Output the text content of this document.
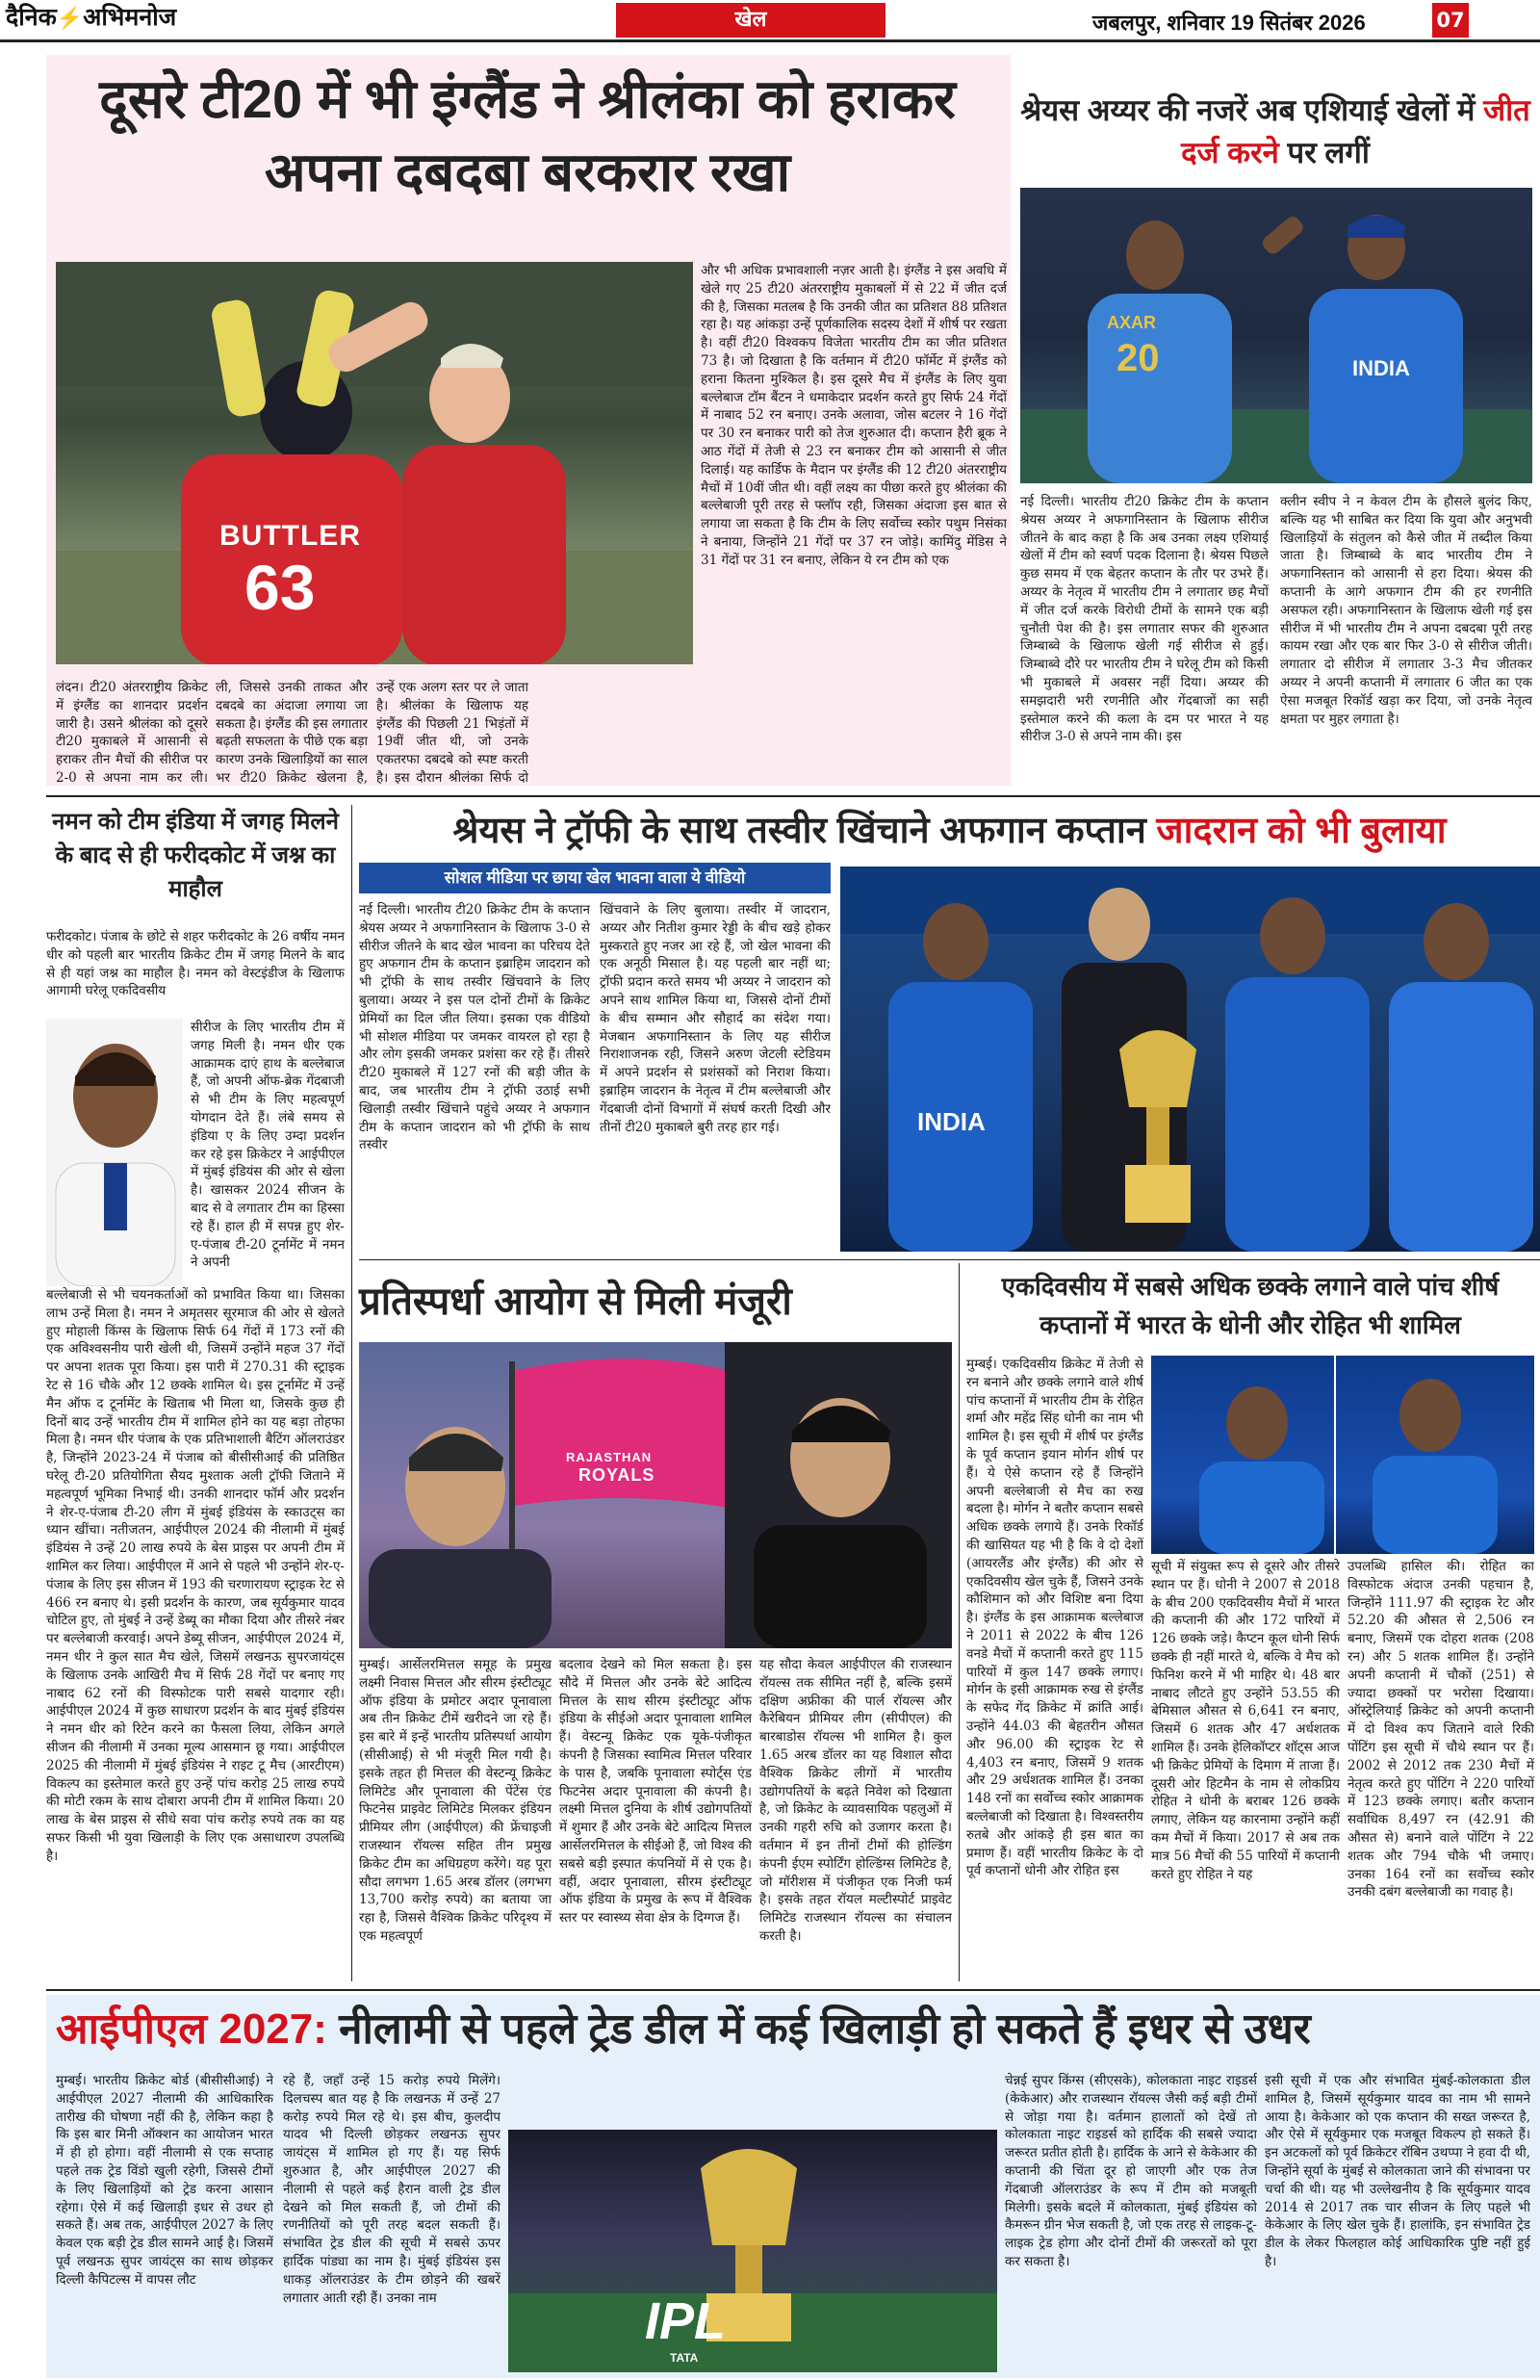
दैनिक⚡अभिमनोज	खेल	जबलपुर, शनिवार 19 सितंबर 2026	07
दूसरे टी20 में भी इंग्लैंड ने श्रीलंका को हराकर अपना दबदबा बरकरार रखा
BUTTLER
63
लंदन। टी20 अंतरराष्ट्रीय क्रिकेट में इंग्लैंड का शानदार प्रदर्शन जारी है। उसने श्रीलंका को दूसरे टी20 मुकाबले में आसानी से हराकर तीन मैचों की सीरीज पर 2-0 से अपना नाम कर ली।
ली, जिससे उनकी ताकत और दबदबे का अंदाजा लगाया जा सकता है। इंग्लैंड की इस लगातार बढ़ती सफलता के पीछे एक बड़ा कारण उनके खिलाड़ियों का साल भर टी20 क्रिकेट खेलना है,
उन्हें एक अलग स्तर पर ले जाता है। श्रीलंका के खिलाफ यह इंग्लैंड की पिछली 21 भिड़ंतों में 19वीं जीत थी, जो उनके एकतरफा दबदबे को स्पष्ट करती है। इस दौरान श्रीलंका सिर्फ दो
और भी अधिक प्रभावशाली नज़र आती है। इंग्लैंड ने इस अवधि में खेले गए 25 टी20 अंतरराष्ट्रीय मुकाबलों में से 22 में जीत दर्ज की है, जिसका मतलब है कि उनकी जीत का प्रतिशत 88 प्रतिशत रहा है। यह आंकड़ा उन्हें पूर्णकालिक सदस्य देशों में शीर्ष पर रखता है। वहीं टी20 विश्वकप विजेता भारतीय टीम का जीत प्रतिशत 73 है। जो दिखाता है कि वर्तमान में टी20 फॉर्मेट में इंग्लैंड को हराना कितना मुश्किल है। इस दूसरे मैच में इंग्लैंड के लिए युवा बल्लेबाज टॉम बैंटन ने धमाकेदार प्रदर्शन करते हुए सिर्फ 24 गेंदों में नाबाद 52 रन बनाए। उनके अलावा, जोस बटलर ने 16 गेंदों पर 30 रन बनाकर पारी को तेज शुरुआत दी। कप्तान हैरी ब्रूक ने आठ गेंदों में तेजी से 23 रन बनाकर टीम को आसानी से जीत दिलाई। यह कार्डिफ के मैदान पर इंग्लैंड की 12 टी20 अंतरराष्ट्रीय मैचों में 10वीं जीत थी। वहीं लक्ष्य का पीछा करते हुए श्रीलंका की बल्लेबाजी पूरी तरह से फ्लॉप रही, जिसका अंदाजा इस बात से लगाया जा सकता है कि टीम के लिए सर्वोच्च स्कोर पथुम निसंका ने बनाया, जिन्होंने 21 गेंदों पर 37 रन जोड़े। कामिंदु मेंडिस ने 31 गेंदों पर 31 रन बनाए, लेकिन ये रन टीम को एक
श्रेयस अय्यर की नजरें अब एशियाई खेलों में जीत दर्ज करने पर लगीं
AXAR
20	INDIA
नई दिल्ली। भारतीय टी20 क्रिकेट टीम के कप्तान श्रेयस अय्यर ने अफगानिस्तान के खिलाफ सीरीज जीतने के बाद कहा है कि अब उनका लक्ष्य एशियाई खेलों में टीम को स्वर्ण पदक दिलाना है। श्रेयस पिछले कुछ समय में एक बेहतर कप्तान के तौर पर उभरे हैं। अय्यर के नेतृत्व में भारतीय टीम ने लगातार छह मैचों में जीत दर्ज करके विरोधी टीमों के सामने एक बड़ी चुनौती पेश की है। इस लगातार सफर की शुरुआत जिम्बाब्वे के खिलाफ खेली गई सीरीज से हुई। जिम्बाब्वे दौरे पर भारतीय टीम ने घरेलू टीम को किसी भी मुकाबले में अवसर नहीं दिया। अय्यर की समझदारी भरी रणनीति और गेंदबाजों का सही इस्तेमाल करने की कला के दम पर भारत ने यह सीरीज 3-0 से अपने नाम की। इस
क्लीन स्वीप ने न केवल टीम के हौसले बुलंद किए, बल्कि यह भी साबित कर दिया कि युवा और अनुभवी खिलाड़ियों के संतुलन को कैसे जीत में तब्दील किया जाता है। जिम्बाब्वे के बाद भारतीय टीम ने अफगानिस्तान को आसानी से हरा दिया। श्रेयस की कप्तानी के आगे अफगान टीम की हर रणनीति असफल रही। अफगानिस्तान के खिलाफ खेली गई इस सीरीज में भी भारतीय टीम ने अपना दबदबा पूरी तरह कायम रखा और एक बार फिर 3-0 से सीरीज जीती। लगातार दो सीरीज में लगातार 3-3 मैच जीतकर अय्यर ने अपनी कप्तानी में लगातार 6 जीत का एक ऐसा मजबूत रिकॉर्ड खड़ा कर दिया, जो उनके नेतृत्व क्षमता पर मुहर लगाता है।
नमन को टीम इंडिया में जगह मिलने के बाद से ही फरीदकोट में जश्न का माहौल
फरीदकोट। पंजाब के छोटे से शहर फरीदकोट के 26 वर्षीय नमन धीर को पहली बार भारतीय क्रिकेट टीम में जगह मिलने के बाद से ही यहां जश्न का माहौल है। नमन को वेस्टइंडीज के खिलाफ आगामी घरेलू एकदिवसीय
सीरीज के लिए भारतीय टीम में जगह मिली है। नमन धीर एक आक्रामक दाएं हाथ के बल्लेबाज हैं, जो अपनी ऑफ-ब्रेक गेंदबाजी से भी टीम के लिए महत्वपूर्ण योगदान देते हैं। लंबे समय से इंडिया ए के लिए उम्दा प्रदर्शन कर रहे इस क्रिकेटर ने आईपीएल में मुंबई इंडियंस की ओर से खेला है। खासकर 2024 सीजन के बाद से वे लगातार टीम का हिस्सा रहे हैं। हाल ही में सपन्न हुए शेर-ए-पंजाब टी-20 टूर्नामेंट में नमन ने अपनी
बल्लेबाजी से भी चयनकर्ताओं को प्रभावित किया था। जिसका लाभ उन्हें मिला है। नमन ने अमृतसर सूरमाज की ओर से खेलते हुए मोहाली किंग्स के खिलाफ सिर्फ 64 गेंदों में 173 रनों की एक अविश्वसनीय पारी खेली थी, जिसमें उन्होंने महज 37 गेंदों पर अपना शतक पूरा किया। इस पारी में 270.31 की स्ट्राइक रेट से 16 चौके और 12 छक्के शामिल थे। इस टूर्नामेंट में उन्हें मैन ऑफ द टूर्नामेंट के खिताब भी मिला था, जिसके कुछ ही दिनों बाद उन्हें भारतीय टीम में शामिल होने का यह बड़ा तोहफा मिला है। नमन धीर पंजाब के एक प्रतिभाशाली बैटिंग ऑलराउंडर है, जिन्होंने 2023-24 में पंजाब को बीसीसीआई की प्रतिष्ठित घरेलू टी-20 प्रतियोगिता सैयद मुश्ताक अली ट्रॉफी जिताने में महत्वपूर्ण भूमिका निभाई थी। उनकी शानदार फॉर्म और प्रदर्शन ने शेर-ए-पंजाब टी-20 लीग में मुंबई इंडियंस के स्काउट्स का ध्यान खींचा। नतीजतन, आईपीएल 2024 की नीलामी में मुंबई इंडियंस ने उन्हें 20 लाख रुपये के बेस प्राइस पर अपनी टीम में शामिल कर लिया। आईपीएल में आने से पहले भी उन्होंने शेर-ए-पंजाब के लिए इस सीजन में 193 की चरणारायण स्ट्राइक रेट से 466 रन बनाए थे। इसी प्रदर्शन के कारण, जब सूर्यकुमार यादव चोटिल हुए, तो मुंबई ने उन्हें डेब्यू का मौका दिया और तीसरे नंबर पर बल्लेबाजी करवाई। अपने डेब्यू सीजन, आईपीएल 2024 में, नमन धीर ने कुल सात मैच खेले, जिसमें लखनऊ सुपरजायंट्स के खिलाफ उनके आखिरी मैच में सिर्फ 28 गेंदों पर बनाए गए नाबाद 62 रनों की विस्फोटक पारी सबसे यादगार रही। आईपीएल 2024 में कुछ साधारण प्रदर्शन के बाद मुंबई इंडियंस ने नमन धीर को रिटेन करने का फैसला लिया, लेकिन अगले सीजन की नीलामी में उनका मूल्य आसमान छू गया। आईपीएल 2025 की नीलामी में मुंबई इंडियंस ने राइट टू मैच (आरटीएम) विकल्प का इस्तेमाल करते हुए उन्हें पांच करोड़ 25 लाख रुपये की मोटी रकम के साथ दोबारा अपनी टीम में शामिल किया। 20 लाख के बेस प्राइस से सीधे सवा पांच करोड़ रुपये तक का यह सफर किसी भी युवा खिलाड़ी के लिए एक असाधारण उपलब्धि है।
श्रेयस ने ट्रॉफी के साथ तस्वीर खिंचाने अफगान कप्तान जादरान को भी बुलाया
सोशल मीडिया पर छाया खेल भावना वाला ये वीडियो
नई दिल्ली। भारतीय टी20 क्रिकेट टीम के कप्तान श्रेयस अय्यर ने अफगानिस्तान के खिलाफ 3-0 से सीरीज जीतने के बाद खेल भावना का परिचय देते हुए अफगान टीम के कप्तान इब्राहिम जादरान को भी ट्रॉफी के साथ तस्वीर खिंचवाने के लिए बुलाया। अय्यर ने इस पल दोनों टीमों के क्रिकेट प्रेमियों का दिल जीत लिया। इसका एक वीडियो भी सोशल मीडिया पर जमकर वायरल हो रहा है और लोग इसकी जमकर प्रशंसा कर रहे हैं। तीसरे टी20 मुकाबले में 127 रनों की बड़ी जीत के बाद, जब भारतीय टीम ने ट्रॉफी उठाई सभी खिलाड़ी तस्वीर खिंचाने पहुंचे अय्यर ने अफगान टीम के कप्तान जादरान को भी ट्रॉफी के साथ तस्वीर
खिंचवाने के लिए बुलाया। तस्वीर में जादरान, अय्यर और नितीश कुमार रेड्डी के बीच खड़े होकर मुस्कराते हुए नजर आ रहे हैं, जो खेल भावना की एक अनूठी मिसाल है। यह पहली बार नहीं था; ट्रॉफी प्रदान करते समय भी अय्यर ने जादरान को अपने साथ शामिल किया था, जिससे दोनों टीमों के बीच सम्मान और सौहार्द का संदेश गया। मेजबान अफगानिस्तान के लिए यह सीरीज निराशाजनक रही, जिसने अरुण जेटली स्टेडियम में अपने प्रदर्शन से प्रशंसकों को निराश किया। इब्राहिम जादरान के नेतृत्व में टीम बल्लेबाजी और गेंदबाजी दोनों विभागों में संघर्ष करती दिखी और तीनों टी20 मुकाबले बुरी तरह हार गई।	INDIA
प्रतिस्पर्धा आयोग से मिली मंजूरी
RAJASTHAN
ROYALS
मुम्बई। आर्सेलरमित्तल समूह के प्रमुख लक्ष्मी निवास मित्तल और सीरम इंस्टीट्यूट ऑफ इंडिया के प्रमोटर अदार पूनावाला अब तीन क्रिकेट टीमें खरीदने जा रहे हैं। इस बारे में इन्हें भारतीय प्रतिस्पर्धा आयोग (सीसीआई) से भी मंजूरी मिल गयी है। इसके तहत ही मित्तल की वेस्टन्यू क्रिकेट लिमिटेड और पूनावाला की पेंटेंस एंड फिटनेस प्राइवेट लिमिटेड मिलकर इंडियन प्रीमियर लीग (आईपीएल) की फ्रेंचाइजी राजस्थान रॉयल्स सहित तीन प्रमुख क्रिकेट टीम का अधिग्रहण करेंगे। यह पूरा सौदा लगभग 1.65 अरब डॉलर (लगभग 13,700 करोड़ रुपये) का बताया जा रहा है, जिससे वैश्विक क्रिकेट परिदृश्य में एक महत्वपूर्ण
बदलाव देखने को मिल सकता है। इस सौदे में मित्तल और उनके बेटे आदित्य मित्तल के साथ सीरम इंस्टीट्यूट ऑफ इंडिया के सीईओ अदार पूनावाला शामिल हैं। वेस्टन्यू क्रिकेट एक यूके-पंजीकृत कंपनी है जिसका स्वामित्व मित्तल परिवार के पास है, जबकि पूनावाला स्पोर्ट्स एंड फिटनेस अदार पूनावाला की कंपनी है। लक्ष्मी मित्तल दुनिया के शीर्ष उद्योगपतियों में शुमार हैं और उनके बेटे आदित्य मित्तल आर्सेलरमित्तल के सीईओ हैं, जो विश्व की सबसे बड़ी इस्पात कंपनियों में से एक है। वहीं, अदार पूनावाला, सीरम इंस्टीट्यूट ऑफ इंडिया के प्रमुख के रूप में वैश्विक स्तर पर स्वास्थ्य सेवा क्षेत्र के दिग्गज हैं।
यह सौदा केवल आईपीएल की राजस्थान रॉयल्स तक सीमित नहीं है, बल्कि इसमें दक्षिण अफ्रीका की पार्ल रॉयल्स और कैरेबियन प्रीमियर लीग (सीपीएल) की बारबाडोस रॉयल्स भी शामिल है। कुल 1.65 अरब डॉलर का यह विशाल सौदा वैश्विक क्रिकेट लीगों में भारतीय उद्योगपतियों के बढ़ते निवेश को दिखाता है, जो क्रिकेट के व्यावसायिक पहलुओं में उनकी गहरी रुचि को उजागर करता है। वर्तमान में इन तीनों टीमों की होल्डिंग कंपनी ईएम स्पोर्टिंग होल्डिंग्स लिमिटेड है, जो मॉरीशस में पंजीकृत एक निजी फर्म है। इसके तहत रॉयल मल्टीस्पोर्ट प्राइवेट लिमिटेड राजस्थान रॉयल्स का संचालन करती है।
एकदिवसीय में सबसे अधिक छक्के लगाने वाले पांच शीर्ष कप्तानों में भारत के धोनी और रोहित भी शामिल
मुम्बई। एकदिवसीय क्रिकेट में तेजी से रन बनाने और छक्के लगाने वाले शीर्ष पांच कप्तानों में भारतीय टीम के रोहित शर्मा और महेंद्र सिंह धोनी का नाम भी शामिल है। इस सूची में शीर्ष पर इंग्लैंड के पूर्व कप्तान इयान मोर्गन शीर्ष पर हैं। ये ऐसे कप्तान रहे हैं जिन्होंने अपनी बल्लेबाजी से मैच का रुख बदला है। मोर्गन ने बतौर कप्तान सबसे अधिक छक्के लगाये हैं। उनके रिकॉर्ड की खासियत यह भी है कि वे दो देशों (आयरलैंड और इंग्लैंड) की ओर से एकदिवसीय खेल चुके हैं, जिसने उनके कौशिमान को और विशिष्ट बना दिया है। इंग्लैंड के इस आक्रामक बल्लेबाज ने 2011 से 2022 के बीच 126 वनडे मैचों में कप्तानी करते हुए 115 पारियों में कुल 147 छक्के लगाए। मोर्गन के इसी आक्रामक रुख से इंग्लैंड के सफेद गेंद क्रिकेट में क्रांति आई। उन्होंने 44.03 की बेहतरीन औसत और 96.00 की स्ट्राइक रेट से 4,403 रन बनाए, जिसमें 9 शतक और 29 अर्धशतक शामिल हैं। उनका 148 रनों का सर्वोच्च स्कोर आक्रामक बल्लेबाजी को दिखाता है। विश्वस्तरीय रुतबे और आंकड़े ही इस बात का प्रमाण हैं। वहीं भारतीय क्रिकेट के दो पूर्व कप्तानों धोनी और रोहित इस
सूची में संयुक्त रूप से दूसरे और तीसरे स्थान पर हैं। धोनी ने 2007 से 2018 के बीच 200 एकदिवसीय मैचों में भारत की कप्तानी की और 172 पारियों में 126 छक्के जड़े। कैप्टन कूल धोनी सिर्फ छक्के ही नहीं मारते थे, बल्कि वे मैच को फिनिश करने में भी माहिर थे। 48 बार नाबाद लौटते हुए उन्होंने 53.55 की बेमिसाल औसत से 6,641 रन बनाए, जिसमें 6 शतक और 47 अर्धशतक शामिल हैं। उनके हेलिकॉप्टर शॉट्स आज भी क्रिकेट प्रेमियों के दिमाग में ताजा हैं। दूसरी ओर हिटमैन के नाम से लोकप्रिय रोहित ने धोनी के बराबर 126 छक्के लगाए, लेकिन यह कारनामा उन्होंने कहीं कम मैचों में किया। 2017 से अब तक मात्र 56 मैचों की 55 पारियों में कप्तानी करते हुए रोहित ने यह
उपलब्धि हासिल की। रोहित का विस्फोटक अंदाज उनकी पहचान है, जिन्होंने 111.97 की स्ट्राइक रेट और 52.20 की औसत से 2,506 रन बनाए, जिसमें एक दोहरा शतक (208 रन) और 5 शतक शामिल हैं। उन्होंने अपनी कप्तानी में चौकों (251) से ज्यादा छक्कों पर भरोसा दिखाया। ऑस्ट्रेलियाई क्रिकेट को अपनी कप्तानी में दो विश्व कप जिताने वाले रिकी पोंटिंग इस सूची में चौथे स्थान पर हैं। 2002 से 2012 तक 230 मैचों में नेतृत्व करते हुए पोंटिंग ने 220 पारियों में 123 छक्के लगाए। बतौर कप्तान सर्वाधिक 8,497 रन (42.91 की औसत से) बनाने वाले पोंटिंग ने 22 शतक और 794 चौके भी जमाए। उनका 164 रनों का सर्वोच्च स्कोर उनकी दबंग बल्लेबाजी का गवाह है।
आईपीएल 2027: नीलामी से पहले ट्रेड डील में कई खिलाड़ी हो सकते हैं इधर से उधर
मुम्बई। भारतीय क्रिकेट बोर्ड (बीसीसीआई) ने आईपीएल 2027 नीलामी की आधिकारिक तारीख की घोषणा नहीं की है, लेकिन कहा है कि इस बार मिनी ऑक्शन का आयोजन भारत में ही हो होगा। वहीं नीलामी से एक सप्ताह पहले तक ट्रेड विंडो खुली रहेगी, जिससे टीमों के लिए खिलाड़ियों को ट्रेड करना आसान रहेगा। ऐसे में कई खिलाड़ी इधर से उधर हो सकते हैं। अब तक, आईपीएल 2027 के लिए केवल एक बड़ी ट्रेड डील सामने आई है। जिसमें पूर्व लखनऊ सुपर जायंट्स का साथ छोड़कर दिल्ली कैपिटल्स में वापस लौट
रहे हैं, जहाँ उन्हें 15 करोड़ रुपये मिलेंगे। दिलचस्प बात यह है कि लखनऊ में उन्हें 27 करोड़ रुपये मिल रहे थे। इस बीच, कुलदीप यादव भी दिल्ली छोड़कर लखनऊ सुपर जायंट्स में शामिल हो गए हैं। यह सिर्फ शुरुआत है, और आईपीएल 2027 की नीलामी से पहले कई हैरान वाली ट्रेड डील देखने को मिल सकती हैं, जो टीमों की रणनीतियों को पूरी तरह बदल सकती हैं। संभावित ट्रेड डील की सूची में सबसे ऊपर हार्दिक पांड्या का नाम है। मुंबई इंडियंस इस धाकड़ ऑलराउंडर के टीम छोड़ने की खबरें लगातार आती रही हैं। उनका नाम	IPL
TATA
चेन्नई सुपर किंग्स (सीएसके), कोलकाता नाइट राइडर्स (केकेआर) और राजस्थान रॉयल्स जैसी कई बड़ी टीमों से जोड़ा गया है। वर्तमान हालातों को देखें तो कोलकाता नाइट राइडर्स को हार्दिक की सबसे ज्यादा जरूरत प्रतीत होती है। हार्दिक के आने से केकेआर की कप्तानी की चिंता दूर हो जाएगी और एक तेज गेंदबाजी ऑलराउंडर के रूप में टीम को मजबूती मिलेगी। इसके बदले में कोलकाता, मुंबई इंडियंस को कैमरून ग्रीन भेज सकती है, जो एक तरह से लाइक-टू-लाइक ट्रेड होगा और दोनों टीमों की जरूरतों को पूरा कर सकता है।
इसी सूची में एक और संभावित मुंबई-कोलकाता डील शामिल है, जिसमें सूर्यकुमार यादव का नाम भी सामने आया है। केकेआर को एक कप्तान की सख्त जरूरत है, और ऐसे में सूर्यकुमार एक मजबूत विकल्प हो सकते हैं। इन अटकलों को पूर्व क्रिकेटर रॉबिन उथप्पा ने हवा दी थी, जिन्होंने सूर्या के मुंबई से कोलकाता जाने की संभावना पर चर्चा की थी। यह भी उल्लेखनीय है कि सूर्यकुमार यादव 2014 से 2017 तक चार सीजन के लिए पहले भी केकेआर के लिए खेल चुके हैं। हालांकि, इन संभावित ट्रेड डील के लेकर फिलहाल कोई आधिकारिक पुष्टि नहीं हुई है।
